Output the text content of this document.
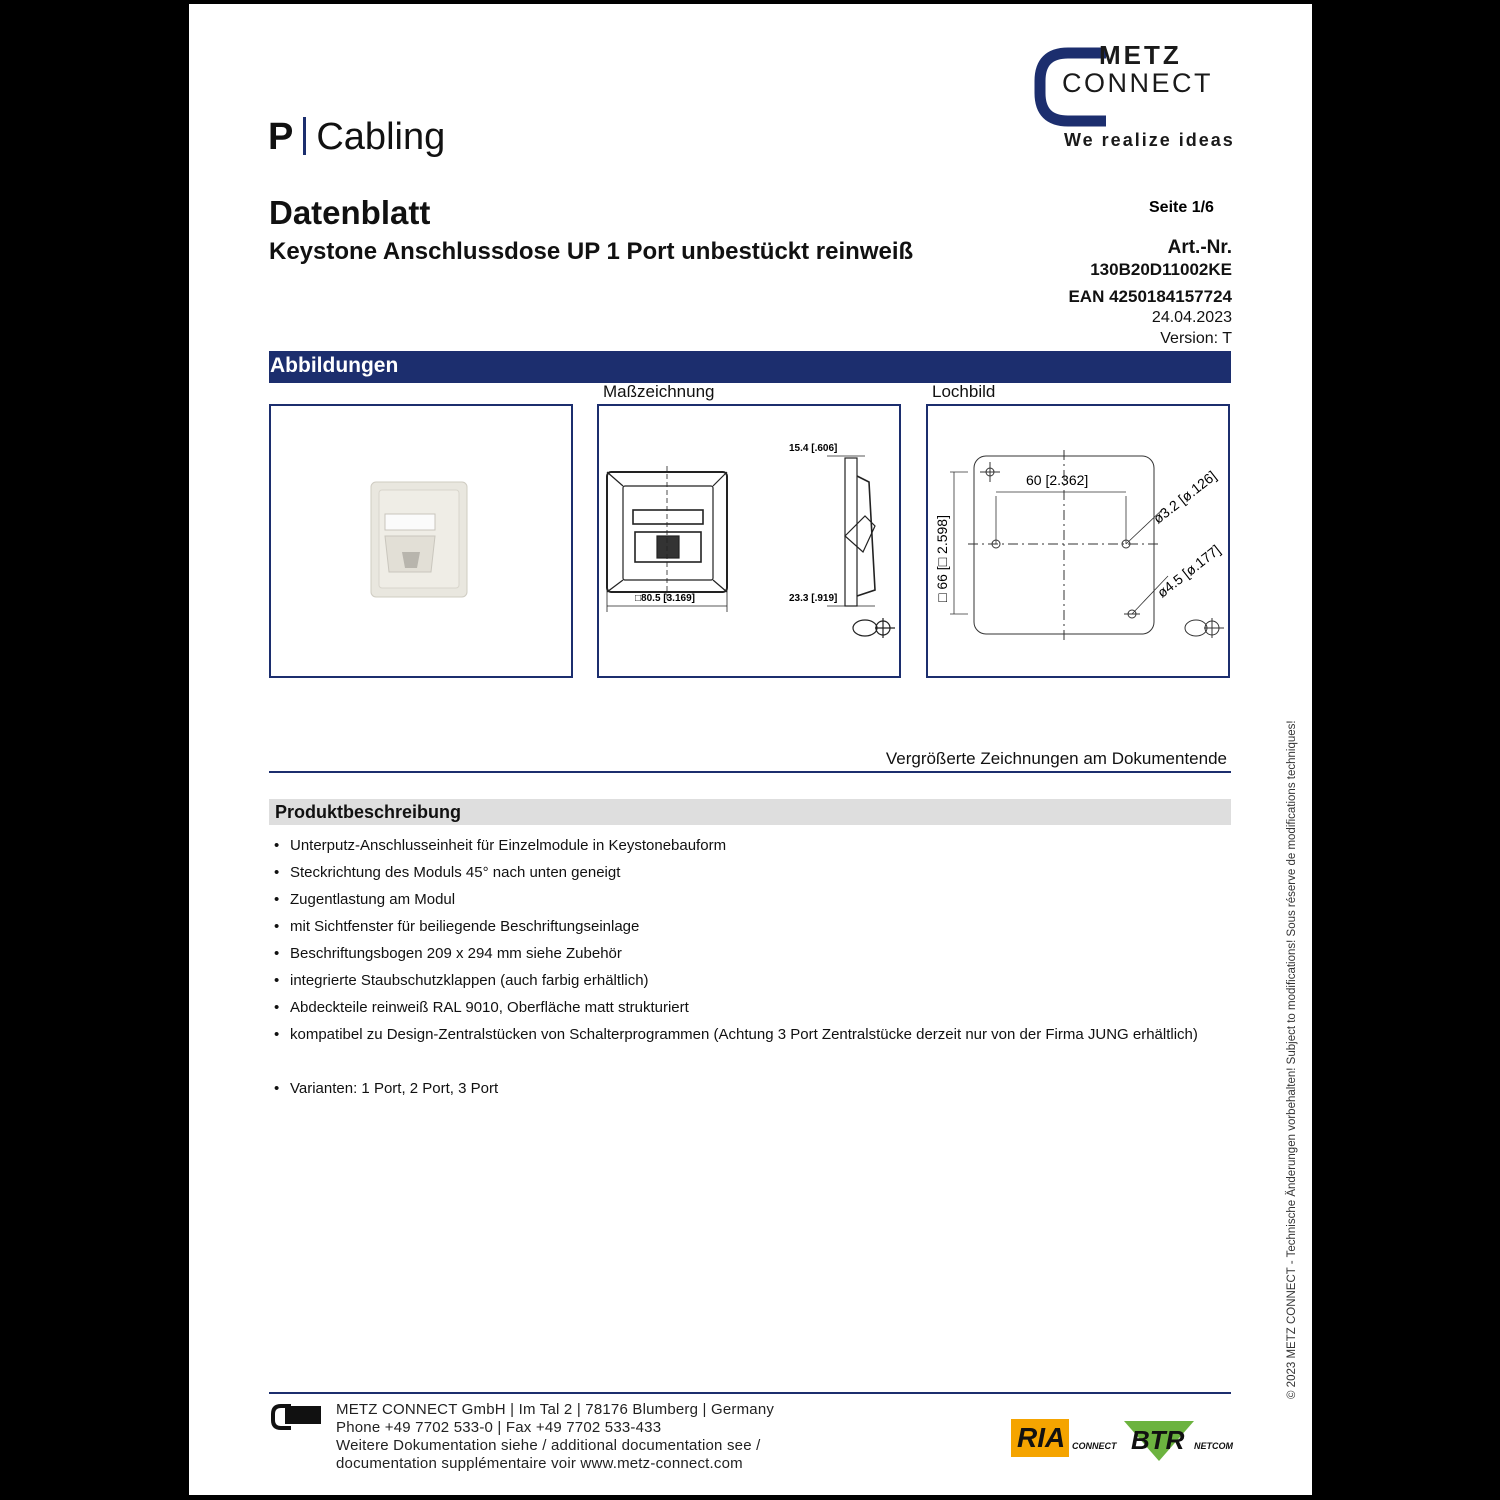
METZ
CONNECT
We realize ideas
P Cabling
Datenblatt
Keystone Anschlussdose UP 1 Port unbestückt reinweiß
Seite 1/6
Art.-Nr.
130B20D11002KE
EAN 4250184157724
24.04.2023
Version: T
Abbildungen
Maßzeichnung	Lochbild
15.4 [.606]
□80.5 [3.169]	23.3 [.919]
60 [2.362]
□ 66 [□ 2.598]
ø3.2 [ø.126]
ø4.5 [ø.177]
Vergrößerte Zeichnungen am Dokumentende
Produktbeschreibung
• Unterputz-Anschlusseinheit für Einzelmodule in Keystonebauform
• Steckrichtung des Moduls 45° nach unten geneigt
• Zugentlastung am Modul
• mit Sichtfenster für beiliegende Beschriftungseinlage
• Beschriftungsbogen 209 x 294 mm siehe Zubehör
• integrierte Staubschutzklappen (auch farbig erhältlich)
• Abdeckteile reinweiß RAL 9010, Oberfläche matt strukturiert
• kompatibel zu Design-Zentralstücken von Schalterprogrammen (Achtung 3 Port Zentralstücke derzeit nur von der Firma JUNG erhältlich)
• Varianten: 1 Port, 2 Port, 3 Port	© 2023 METZ CONNECT - Technische Änderungen vorbehalten! Subject to modifications! Sous réserve de modifications techniques!
METZ CONNECT GmbH | Im Tal 2 | 78176 Blumberg | Germany
Phone +49 7702 533-0 | Fax +49 7702 533-433
Weitere Dokumentation siehe / additional documentation see /
documentation supplémentaire voir www.metz-connect.com
RIA CONNECT BTR NETCOM
